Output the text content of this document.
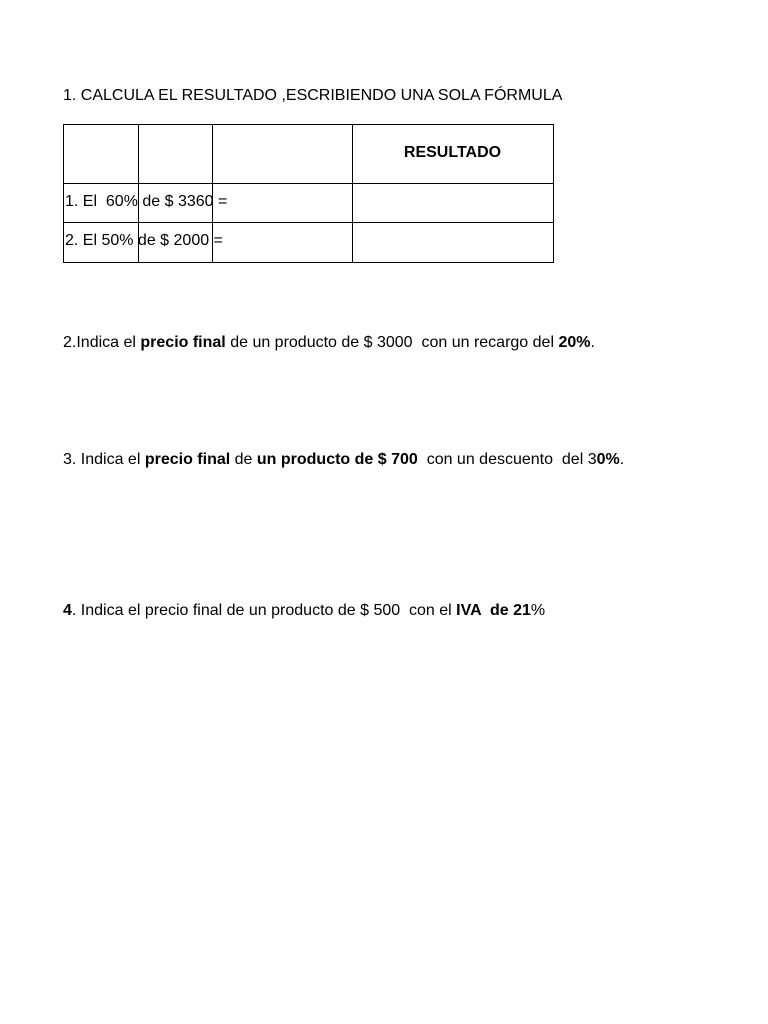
1. CALCULA EL RESULTADO ,ESCRIBIENDO UNA SOLA FÓRMULA
RESULTADO
1. El  60% de $ 3360 =
2. El 50% de $ 2000 =
2.Indica el precio final de un producto de $ 3000  con un recargo del 20%.
3. Indica el precio final de un producto de $ 700  con un descuento  del 30%.
4. Indica el precio final de un producto de $ 500  con el IVA  de 21%
